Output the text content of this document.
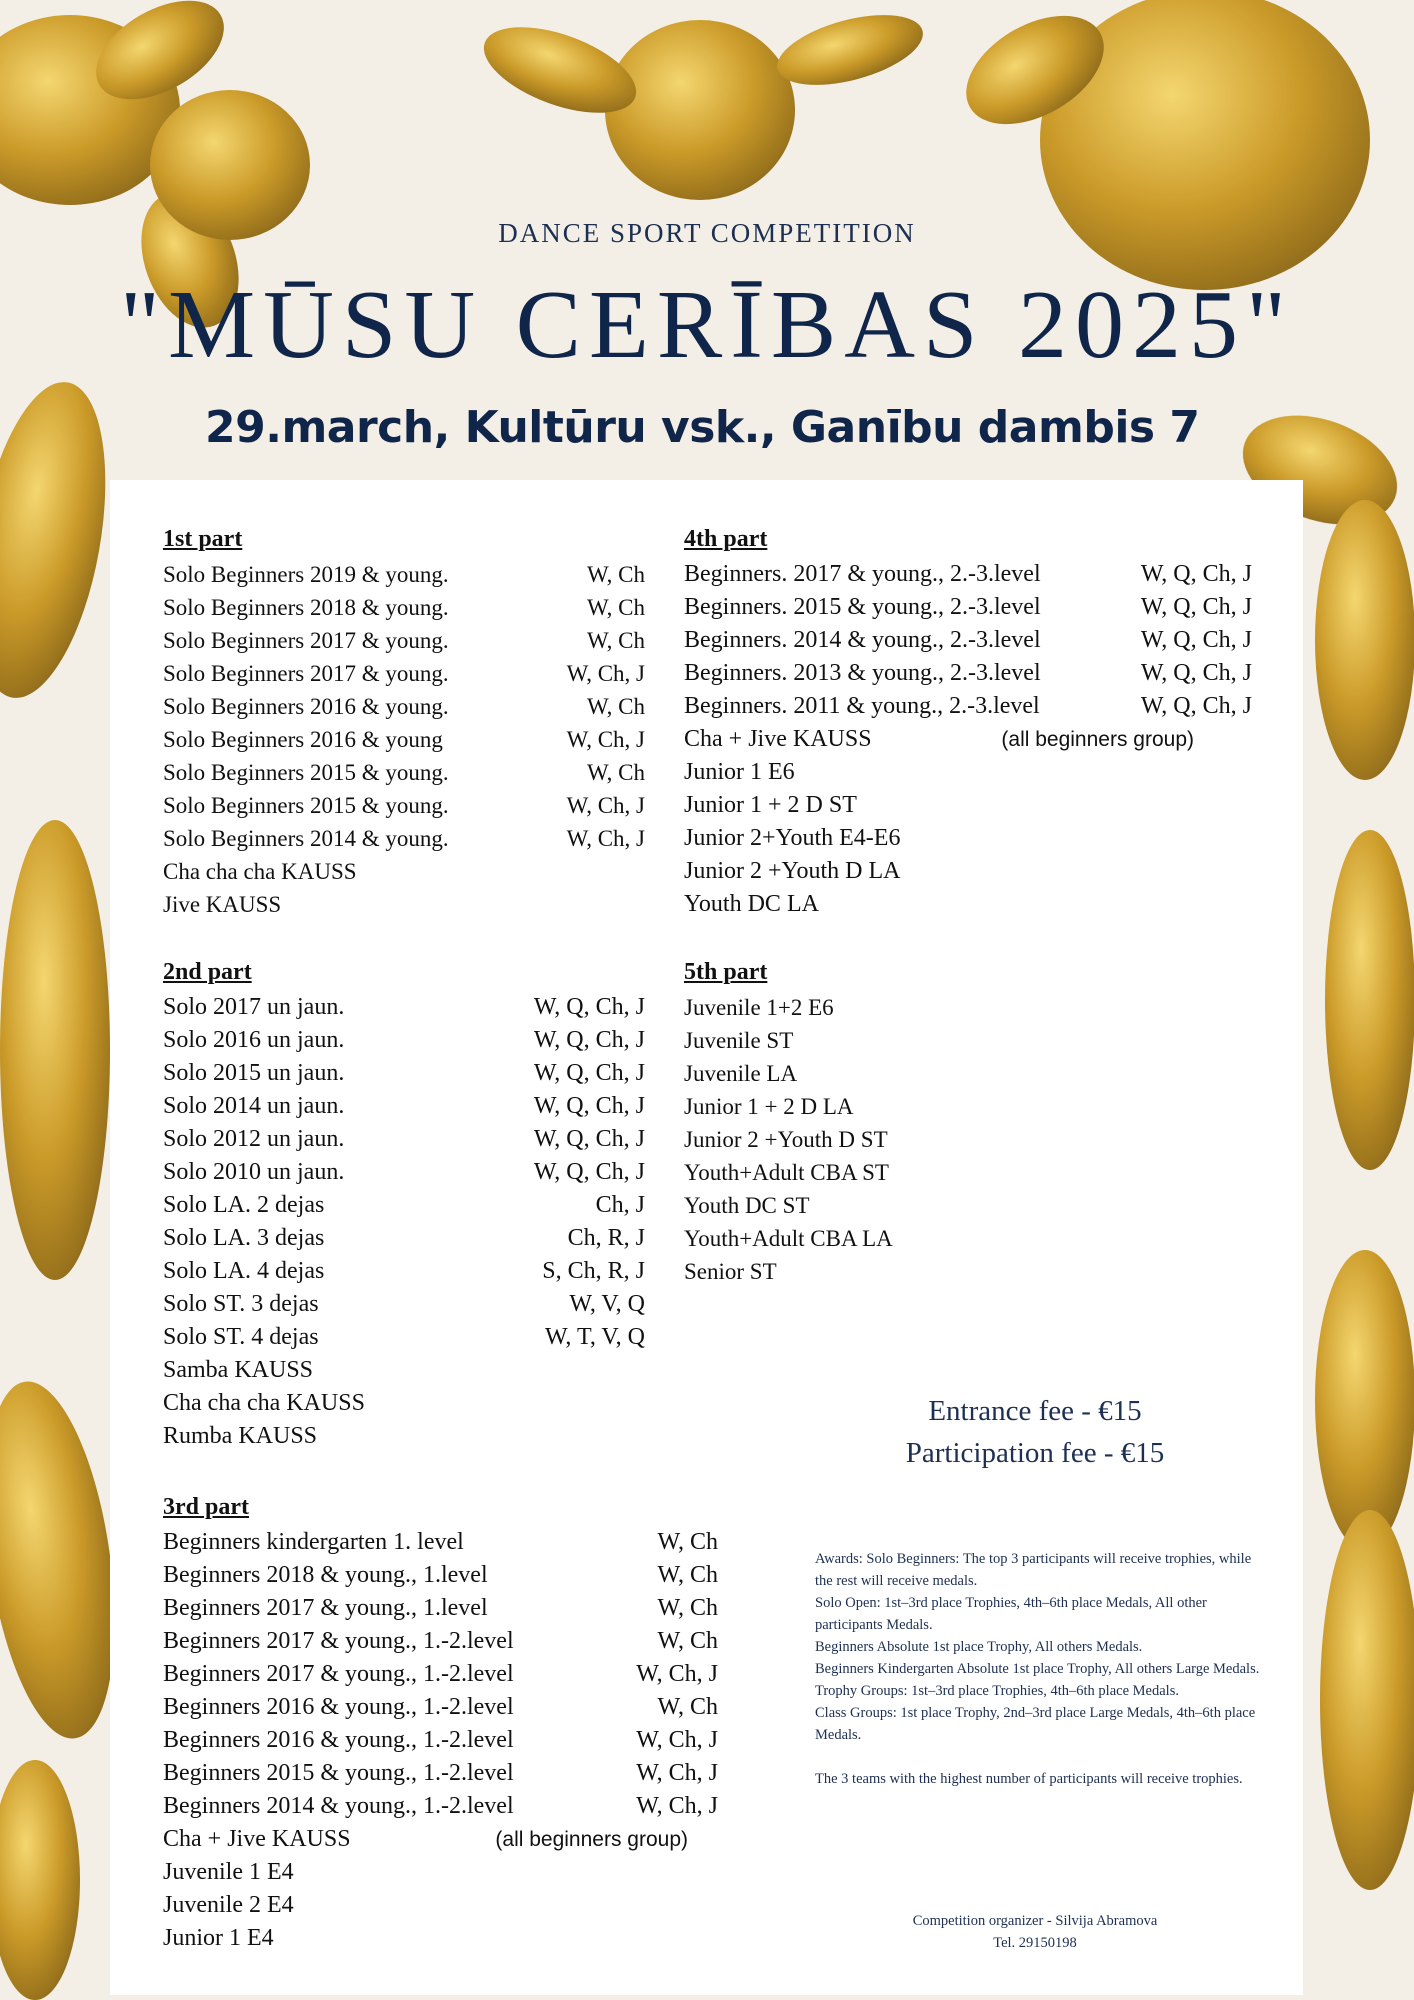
DANCE SPORT COMPETITION
"MŪSU CERĪBAS 2025"
29.march, Kultūru vsk., Ganību dambis 7
1st part
Solo Beginners 2019 & young.	W, Ch
Solo Beginners 2018 & young.	W, Ch
Solo Beginners 2017 & young.	W, Ch
Solo Beginners 2017 & young.	W, Ch, J
Solo Beginners 2016 & young.	W, Ch
Solo Beginners 2016 & young	W, Ch, J
Solo Beginners 2015 & young.	W, Ch
Solo Beginners 2015 & young.	W, Ch, J
Solo Beginners 2014 & young.	W, Ch, J
Cha cha cha KAUSS
Jive KAUSS
2nd part
Solo 2017 un jaun.	W, Q, Ch, J
Solo 2016 un jaun.	W, Q, Ch, J
Solo 2015 un jaun.	W, Q, Ch, J
Solo 2014 un jaun.	W, Q, Ch, J
Solo 2012 un jaun.	W, Q, Ch, J
Solo 2010 un jaun.	W, Q, Ch, J
Solo LA. 2 dejas	Ch, J
Solo LA. 3 dejas	Ch, R, J
Solo LA. 4 dejas	S, Ch, R, J
Solo ST. 3 dejas	W, V, Q
Solo ST. 4 dejas	W, T, V, Q
Samba KAUSS
Cha cha cha KAUSS
Rumba KAUSS
3rd part
Beginners kindergarten 1. level	W, Ch
Beginners 2018 & young., 1.level	W, Ch
Beginners 2017 & young., 1.level	W, Ch
Beginners 2017 & young., 1.-2.level	W, Ch
Beginners 2017 & young., 1.-2.level	W, Ch, J
Beginners 2016 & young., 1.-2.level	W, Ch
Beginners 2016 & young., 1.-2.level	W, Ch, J
Beginners 2015 & young., 1.-2.level	W, Ch, J
Beginners 2014 & young., 1.-2.level	W, Ch, J
Cha + Jive KAUSS	(all beginners group)
Juvenile 1 E4
Juvenile 2 E4
Junior 1 E4
4th part
Beginners. 2017 & young., 2.-3.level	W, Q, Ch, J
Beginners. 2015 & young., 2.-3.level	W, Q, Ch, J
Beginners. 2014 & young., 2.-3.level	W, Q, Ch, J
Beginners. 2013 & young., 2.-3.level	W, Q, Ch, J
Beginners. 2011 & young., 2.-3.level	W, Q, Ch, J
Cha + Jive KAUSS	(all beginners group)
Junior 1 E6
Junior 1 + 2 D ST
Junior 2+Youth E4-E6
Junior 2 +Youth D LA
Youth DC LA
5th part
Juvenile 1+2 E6
Juvenile ST
Juvenile LA
Junior 1 + 2 D LA
Junior 2 +Youth D ST
Youth+Adult CBA ST
Youth DC ST
Youth+Adult CBA LA
Senior ST
Entrance fee - €15
Participation fee - €15

Awards: Solo Beginners: The top 3 participants will receive trophies, while the rest will receive medals.

Solo Open: 1st–3rd place Trophies, 4th–6th place Medals, All other participants Medals.

Beginners Absolute 1st place Trophy, All others Medals.

Beginners Kindergarten Absolute 1st place Trophy, All others Large Medals.

Trophy Groups: 1st–3rd place Trophies, 4th–6th place Medals.

Class Groups: 1st place Trophy, 2nd–3rd place Large Medals, 4th–6th place Medals.

The 3 teams with the highest number of participants will receive trophies.

Competition organizer - Silvija Abramova
Tel. 29150198
